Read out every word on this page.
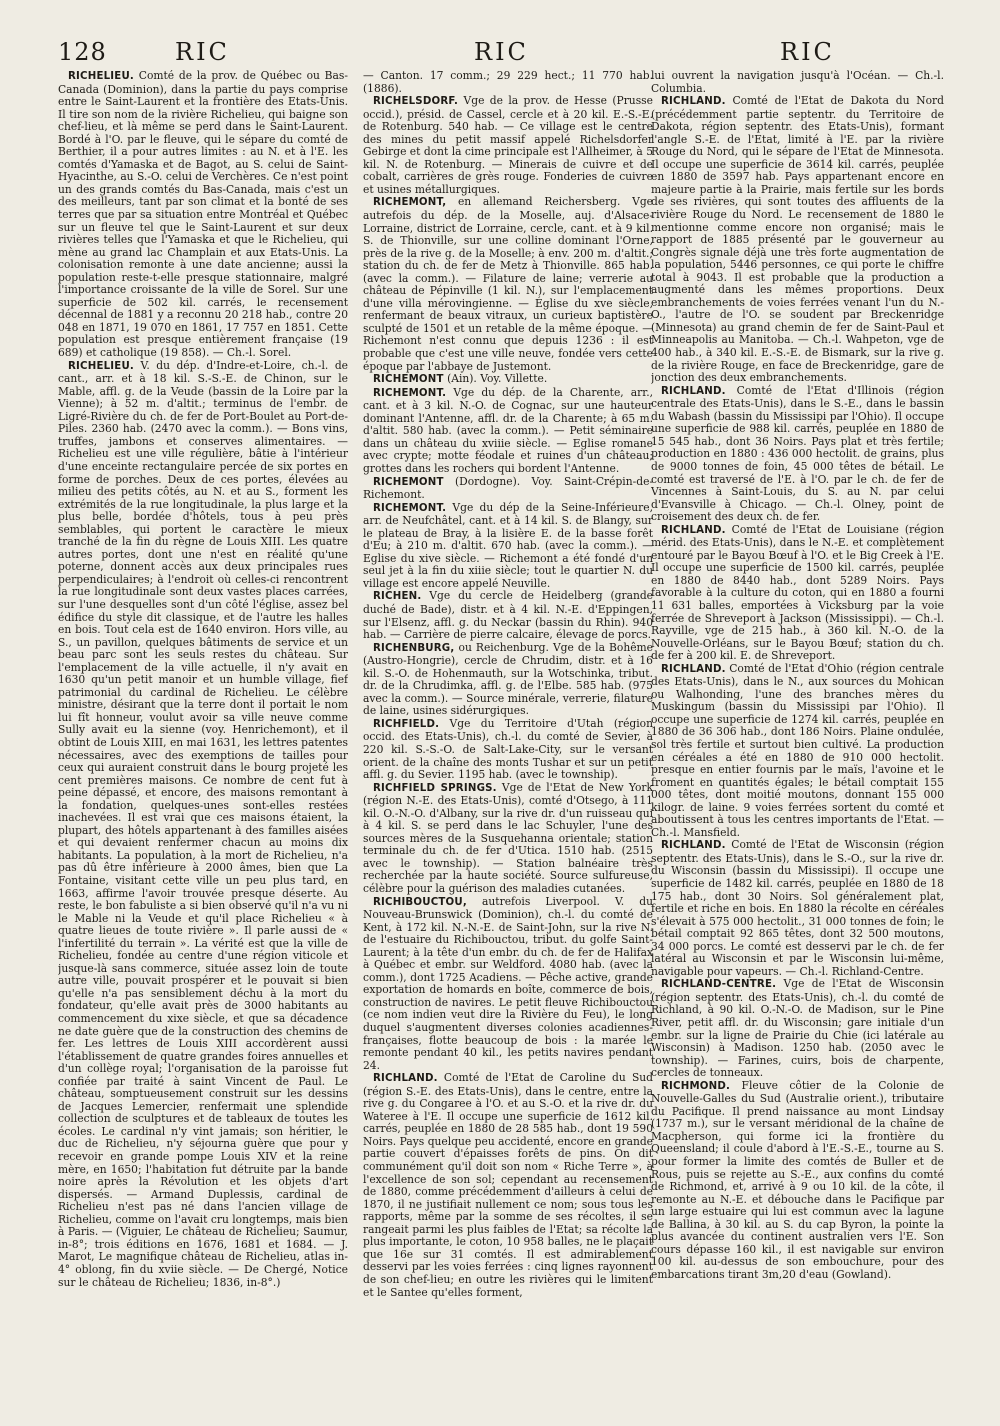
128	RIC	RIC	RIC

RICHELIEU. Comté de la prov. de Québec ou Bas-Canada (Dominion), dans la partie du pays comprise entre le Saint-Laurent et la frontière des Etats-Unis. Il tire son nom de la rivière Richelieu, qui baigne son chef-lieu, et là même se perd dans le Saint-Laurent. Bordé à l'O. par le fleuve, qui le sépare du comté de Berthier, il a pour autres limites : au N. et à l'E. les comtés d'Yamaska et de Bagot, au S. celui de Saint-Hyacinthe, au S.-O. celui de Verchères. Ce n'est point un des grands comtés du Bas-Canada, mais c'est un des meilleurs, tant par son climat et la bonté de ses terres que par sa situation entre Montréal et Québec sur un fleuve tel que le Saint-Laurent et sur deux rivières telles que l'Yamaska et que le Richelieu, qui mène au grand lac Champlain et aux Etats-Unis. La colonisation remonte à une date ancienne; aussi la population reste-t-elle presque stationnaire, malgré l'importance croissante de la ville de Sorel. Sur une superficie de 502 kil. carrés, le recensement décennal de 1881 y a reconnu 20 218 hab., contre 20 048 en 1871, 19 070 en 1861, 17 757 en 1851. Cette population est presque entièrement française (19 689) et catholique (19 858). — Ch.-l. Sorel.

RICHELIEU. V. du dép. d'Indre-et-Loire, ch.-l. de cant., arr. et à 18 kil. S.-S.-E. de Chinon, sur le Mable, affl. g. de la Veude (bassin de la Loire par la Vienne); à 52 m. d'altit.; terminus de l'embr. de Ligré-Rivière du ch. de fer de Port-Boulet au Port-de-Piles. 2360 hab. (2470 avec la comm.). — Bons vins, truffes, jambons et conserves alimentaires. — Richelieu est une ville régulière, bâtie à l'intérieur d'une enceinte rectangulaire percée de six portes en forme de porches. Deux de ces portes, élevées au milieu des petits côtés, au N. et au S., forment les extrémités de la rue longitudinale, la plus large et la plus belle, bordée d'hôtels, tous à peu près semblables, qui portent le caractère le mieux tranché de la fin du règne de Louis XIII. Les quatre autres portes, dont une n'est en réalité qu'une poterne, donnent accès aux deux principales rues perpendiculaires; à l'endroit où celles-ci rencontrent la rue longitudinale sont deux vastes places carrées, sur l'une desquelles sont d'un côté l'église, assez bel édifice du style dit classique, et de l'autre les halles en bois. Tout cela est de 1640 environ. Hors ville, au S., un pavillon, quelques bâtiments de service et un beau parc sont les seuls restes du château. Sur l'emplacement de la ville actuelle, il n'y avait en 1630 qu'un petit manoir et un humble village, fief patrimonial du cardinal de Richelieu. Le célèbre ministre, désirant que la terre dont il portait le nom lui fît honneur, voulut avoir sa ville neuve comme Sully avait eu la sienne (voy. Henrichemont), et il obtint de Louis XIII, en mai 1631, les lettres patentes nécessaires, avec des exemptions de tailles pour ceux qui auraient construit dans le bourg projeté les cent premières maisons. Ce nombre de cent fut à peine dépassé, et encore, des maisons remontant à la fondation, quelques-unes sont-elles restées inachevées. Il est vrai que ces maisons étaient, la plupart, des hôtels appartenant à des familles aisées et qui devaient renfermer chacun au moins dix habitants. La population, à la mort de Richelieu, n'a pas dû être inférieure à 2000 âmes, bien que La Fontaine, visitant cette ville un peu plus tard, en 1663, affirme l'avoir trouvée presque déserte. Au reste, le bon fabuliste a si bien observé qu'il n'a vu ni le Mable ni la Veude et qu'il place Richelieu « à quatre lieues de toute rivière ». Il parle aussi de « l'infertilité du terrain ». La vérité est que la ville de Richelieu, fondée au centre d'une région viticole et jusque-là sans commerce, située assez loin de toute autre ville, pouvait prospérer et le pouvait si bien qu'elle n'a pas sensiblement déchu à la mort du fondateur, qu'elle avait près de 3000 habitants au commencement du xixe siècle, et que sa décadence ne date guère que de la construction des chemins de fer. Les lettres de Louis XIII accordèrent aussi l'établissement de quatre grandes foires annuelles et d'un collège royal; l'organisation de la paroisse fut confiée par traité à saint Vincent de Paul. Le château, somptueusement construit sur les dessins de Jacques Lemercier, renfermait une splendide collection de sculptures et de tableaux de toutes les écoles. Le cardinal n'y vint jamais; son héritier, le duc de Richelieu, n'y séjourna guère que pour y recevoir en grande pompe Louis XIV et la reine mère, en 1650; l'habitation fut détruite par la bande noire après la Révolution et les objets d'art dispersés. — Armand Duplessis, cardinal de Richelieu n'est pas né dans l'ancien village de Richelieu, comme on l'avait cru longtemps, mais bien à Paris. — (Viguier, Le château de Richelieu; Saumur, in-8°; trois éditions en 1676, 1681 et 1684. — J. Marot, Le magnifique château de Richelieu, atlas in-4° oblong, fin du xviie siècle. — De Chergé, Notice sur le château de Richelieu; 1836, in-8°.)

— Canton. 17 comm.; 29 229 hect.; 11 770 hab. (1886).

RICHELSDORF. Vge de la prov. de Hesse (Prusse occid.), présid. de Cassel, cercle et à 20 kil. E.-S.-E. de Rotenburg. 540 hab. — Ce village est le centre des mines du petit massif appelé Richelsdorfer Gebirge et dont la cime principale est l'Allheimer, à 5 kil. N. de Rotenburg. — Minerais de cuivre et de cobalt, carrières de grès rouge. Fonderies de cuivre et usines métallurgiques.

RICHEMONT, en allemand Reichersberg. Vge autrefois du dép. de la Moselle, auj. d'Alsace-Lorraine, district de Lorraine, cercle, cant. et à 9 kil. S. de Thionville, sur une colline dominant l'Orne, près de la rive g. de la Moselle; à env. 200 m. d'altit.; station du ch. de fer de Metz à Thionville. 865 hab. (avec la comm.). — Filature de laine; verrerie au château de Pépinville (1 kil. N.), sur l'emplacement d'une villa mérovingienne. — Église du xve siècle, renfermant de beaux vitraux, un curieux baptistère sculpté de 1501 et un retable de la même époque. — Richemont n'est connu que depuis 1236 : il est probable que c'est une ville neuve, fondée vers cette époque par l'abbaye de Justemont.

RICHEMONT (Ain). Voy. Villette.

RICHEMONT. Vge du dép. de la Charente, arr., cant. et à 3 kil. N.-O. de Cognac, sur une hauteur dominant l'Antenne, affl. dr. de la Charente; à 65 m. d'altit. 580 hab. (avec la comm.). — Petit séminaire dans un château du xviiie siècle. — Eglise romane avec crypte; motte féodale et ruines d'un château; grottes dans les rochers qui bordent l'Antenne.

RICHEMONT (Dordogne). Voy. Saint-Crépin-de-Richemont.

RICHEMONT. Vge du dép de la Seine-Inférieure, arr. de Neufchâtel, cant. et à 14 kil. S. de Blangy, sur le plateau de Bray, à la lisière E. de la basse forêt d'Eu; à 210 m. d'altit. 670 hab. (avec la comm.). — Eglise du xive siècle. — Richemont a été fondé d'un seul jet à la fin du xiiie siècle; tout le quartier N. du village est encore appelé Neuville.

RICHEN. Vge du cercle de Heidelberg (grande duché de Bade), distr. et à 4 kil. N.-E. d'Eppingen, sur l'Elsenz, affl. g. du Neckar (bassin du Rhin). 940 hab. — Carrière de pierre calcaire, élevage de porcs.

RICHENBURG, ou Reichenburg. Vge de la Bohême (Austro-Hongrie), cercle de Chrudim, distr. et à 16 kil. S.-O. de Hohenmauth, sur la Wotschinka, tribut. dr. de la Chrudimka, affl. g. de l'Elbe. 585 hab. (975 avec la comm.). — Source minérale, verrerie, filature de laine, usines sidérurgiques.

RICHFIELD. Vge du Territoire d'Utah (région occid. des Etats-Unis), ch.-l. du comté de Sevier, à 220 kil. S.-S.-O. de Salt-Lake-City, sur le versant orient. de la chaîne des monts Tushar et sur un petit affl. g. du Sevier. 1195 hab. (avec le township).

RICHFIELD SPRINGS. Vge de l'Etat de New York (région N.-E. des Etats-Unis), comté d'Otsego, à 111 kil. O.-N.-O. d'Albany, sur la rive dr. d'un ruisseau qui à 4 kil. S. se perd dans le lac Schuyler, l'une des sources mères de la Susquehanna orientale; station terminale du ch. de fer d'Utica. 1510 hab. (2515 avec le township). — Station balnéaire très recherchée par la haute société. Source sulfureuse, célèbre pour la guérison des maladies cutanées.

RICHIBOUCTOU, autrefois Liverpool. V. du Nouveau-Brunswick (Dominion), ch.-l. du comté de Kent, à 172 kil. N.-N.-E. de Saint-John, sur la rive N. de l'estuaire du Richibouctou, tribut. du golfe Saint-Laurent; à la tête d'un embr. du ch. de fer de Halifax à Québec et embr. sur Weldford. 4080 hab. (avec la comm.), dont 1725 Acadiens. — Pêche active, grande exportation de homards en boîte, commerce de bois, construction de navires. Le petit fleuve Richibouctou (ce nom indien veut dire la Rivière du Feu), le long duquel s'augmentent diverses colonies acadiennes-françaises, flotte beaucoup de bois : la marée le remonte pendant 40 kil., les petits navires pendant 24.

RICHLAND. Comté de l'Etat de Caroline du Sud (région S.-E. des Etats-Unis), dans le centre, entre la rive g. du Congaree à l'O. et au S.-O. et la rive dr. du Wateree à l'E. Il occupe une superficie de 1612 kil. carrés, peuplée en 1880 de 28 585 hab., dont 19 590 Noirs. Pays quelque peu accidenté, encore en grande partie couvert d'épaisses forêts de pins. On dit communément qu'il doit son nom « Riche Terre », à l'excellence de son sol; cependant au recensement de 1880, comme précédemment d'ailleurs à celui de 1870, il ne justifiait nullement ce nom; sous tous les rapports, même par la somme de ses récoltes, il se rangeait parmi les plus faibles de l'Etat; sa récolte la plus importante, le coton, 10 958 balles, ne le plaçait que 16e sur 31 comtés. Il est admirablement desservi par les voies ferrées : cinq lignes rayonnent de son chef-lieu; en outre les rivières qui le limitent et le Santee qu'elles forment,

lui ouvrent la navigation jusqu'à l'Océan. — Ch.-l. Columbia.

RICHLAND. Comté de l'Etat de Dakota du Nord (précédemment partie septentr. du Territoire de Dakota, région septentr. des Etats-Unis), formant l'angle S.-E. de l'Etat, limité à l'E. par la rivière Rouge du Nord, qui le sépare de l'Etat de Minnesota. Il occupe une superficie de 3614 kil. carrés, peuplée en 1880 de 3597 hab. Pays appartenant encore en majeure partie à la Prairie, mais fertile sur les bords de ses rivières, qui sont toutes des affluents de la rivière Rouge du Nord. Le recensement de 1880 le mentionne comme encore non organisé; mais le rapport de 1885 présenté par le gouverneur au Congrès signale déjà une très forte augmentation de la population, 5446 personnes, ce qui porte le chiffre total à 9043. Il est probable que la production a augmenté dans les mêmes proportions. Deux embranchements de voies ferrées venant l'un du N.-O., l'autre de l'O. se soudent par Breckenridge (Minnesota) au grand chemin de fer de Saint-Paul et Minneapolis au Manitoba. — Ch.-l. Wahpeton, vge de 400 hab., à 340 kil. E.-S.-E. de Bismark, sur la rive g. de la rivière Rouge, en face de Breckenridge, gare de jonction des deux embranchements.

RICHLAND. Comté de l'Etat d'Illinois (région centrale des Etats-Unis), dans le S.-E., dans le bassin du Wabash (bassin du Mississipi par l'Ohio). Il occupe une superficie de 988 kil. carrés, peuplée en 1880 de 15 545 hab., dont 36 Noirs. Pays plat et très fertile; production en 1880 : 436 000 hectolit. de grains, plus de 9000 tonnes de foin, 45 000 têtes de bétail. Le comté est traversé de l'E. à l'O. par le ch. de fer de Vincennes à Saint-Louis, du S. au N. par celui d'Evansville à Chicago. — Ch.-l. Olney, point de croisement des deux ch. de fer.

RICHLAND. Comté de l'Etat de Louisiane (région mérid. des Etats-Unis), dans le N.-E. et complètement entouré par le Bayou Bœuf à l'O. et le Big Creek à l'E. Il occupe une superficie de 1500 kil. carrés, peuplée en 1880 de 8440 hab., dont 5289 Noirs. Pays favorable à la culture du coton, qui en 1880 a fourni 11 631 balles, emportées à Vicksburg par la voie ferrée de Shreveport à Jackson (Mississippi). — Ch.-l. Rayville, vge de 215 hab., à 360 kil. N.-O. de la Nouvelle-Orléans, sur le Bayou Bœuf; station du ch. de fer à 200 kil. E. de Shreveport.

RICHLAND. Comté de l'Etat d'Ohio (région centrale des Etats-Unis), dans le N., aux sources du Mohican ou Walhonding, l'une des branches mères du Muskingum (bassin du Mississipi par l'Ohio). Il occupe une superficie de 1274 kil. carrés, peuplée en 1880 de 36 306 hab., dont 186 Noirs. Plaine ondulée, sol très fertile et surtout bien cultivé. La production en céréales a été en 1880 de 910 000 hectolit. presque en entier fournis par le maïs, l'avoine et le froment en quantités égales; le bétail comptait 155 000 têtes, dont moitié moutons, donnant 155 000 kilogr. de laine. 9 voies ferrées sortent du comté et aboutissent à tous les centres importants de l'Etat. — Ch.-l. Mansfield.

RICHLAND. Comté de l'Etat de Wisconsin (région septentr. des Etats-Unis), dans le S.-O., sur la rive dr. du Wisconsin (bassin du Mississipi). Il occupe une superficie de 1482 kil. carrés, peuplée en 1880 de 18 175 hab., dont 30 Noirs. Sol généralement plat, fertile et riche en bois. En 1880 la récolte en céréales s'élevait à 575 000 hectolit., 31 000 tonnes de foin; le bétail comptait 92 865 têtes, dont 32 500 moutons, 34 000 porcs. Le comté est desservi par le ch. de fer latéral au Wisconsin et par le Wisconsin lui-même, navigable pour vapeurs. — Ch.-l. Richland-Centre.

RICHLAND-CENTRE. Vge de l'Etat de Wisconsin (région septentr. des Etats-Unis), ch.-l. du comté de Richland, à 90 kil. O.-N.-O. de Madison, sur le Pine River, petit affl. dr. du Wisconsin; gare initiale d'un embr. sur la ligne de Prairie du Chie (ici latérale au Wisconsin) à Madison. 1250 hab. (2050 avec le township). — Farines, cuirs, bois de charpente, cercles de tonneaux.

RICHMOND. Fleuve côtier de la Colonie de Nouvelle-Galles du Sud (Australie orient.), tributaire du Pacifique. Il prend naissance au mont Lindsay (1737 m.), sur le versant méridional de la chaîne de Macpherson, qui forme ici la frontière du Queensland; il coule d'abord à l'E.-S.-E., tourne au S. pour former la limite des comtés de Buller et de Rous, puis se rejette au S.-E., aux confins du comté de Richmond, et, arrivé à 9 ou 10 kil. de la côte, il remonte au N.-E. et débouche dans le Pacifique par un large estuaire qui lui est commun avec la lagune de Ballina, à 30 kil. au S. du cap Byron, la pointe la plus avancée du continent australien vers l'E. Son cours dépasse 160 kil., il est navigable sur environ 100 kil. au-dessus de son embouchure, pour des embarcations tirant 3m,20 d'eau (Gowland).
